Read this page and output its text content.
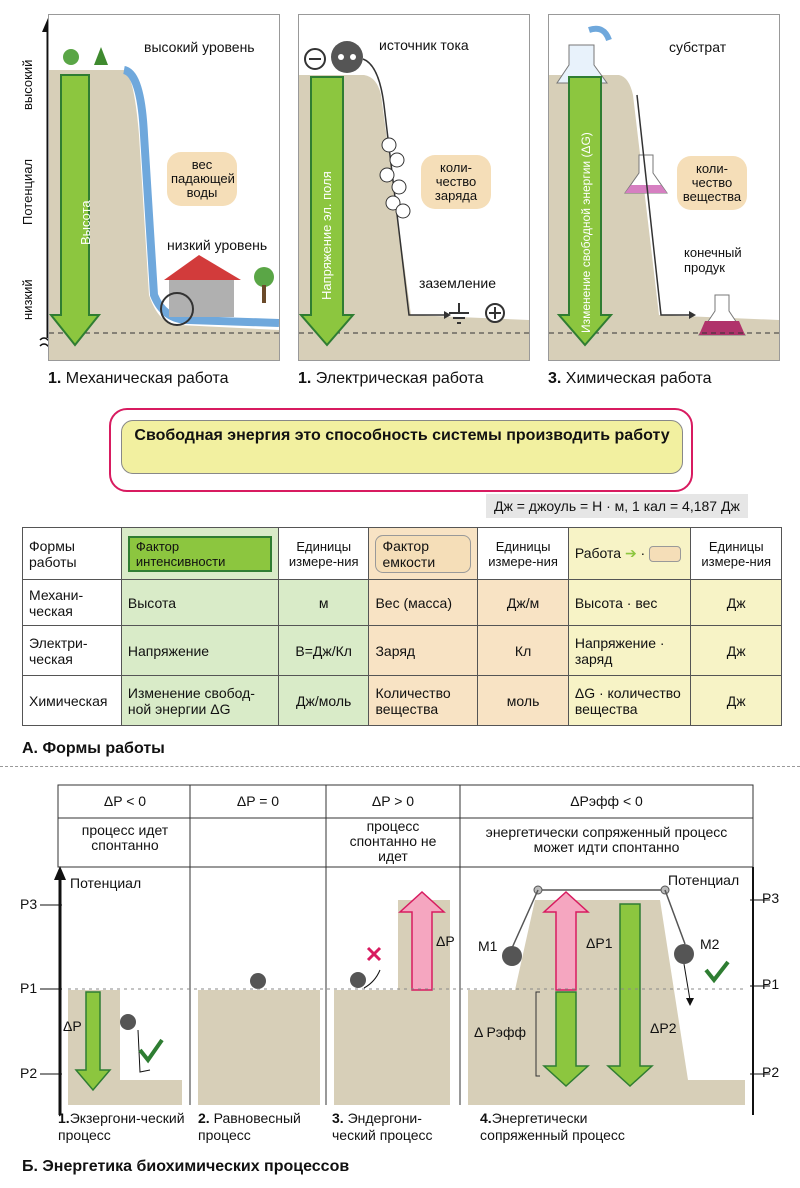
высокий
Потенциал
низкий
высокий уровень
Высота
вес падающей воды
низкий уровень
1. Механическая работа
источник тока
Напряжение эл. поля
коли-чество заряда
заземление
1. Электрическая работа
субстрат
Изменение свободной энергии (ΔG)	коли-чество вещества
конечный продук
3. Химическая работа
Свободная энергия это способность системы производить работу
Дж = джоуль = Н · м, 1 кал = 4,187 Дж
Формы работы	Фактор интенсивности	Единицы измере-ния	Фактор емкости	Единицы измере-ния	Работа ➔ ·	Единицы измере-ния
Механи-ческая	Высота	м	Вес (масса)	Дж/м	Высота · вес	Дж
Электри-ческая	Напряжение	В=Дж/Кл	Заряд	Кл	Напряжение · заряд	Дж
Химическая	Изменение свобод-ной энергии ΔG	Дж/моль	Количество вещества	моль	ΔG · количество вещества	Дж
А. Формы работы
ΔP < 0	ΔP = 0	ΔP > 0	ΔPэфф < 0
процесс идет спонтанно
процесс спонтанно не идет
энергетически сопряженный процесс может идти спонтанно
Потенциал	Потенциал
P3
P1
P2
P3
P1
P2
ΔP
ΔP	ΔP1
ΔP2
Δ Pэфф
M1	M2
1.Экзергони-ческий процесс
2. Равновесный процесс
3. Эндергони-ческий процесс
4.Энергетически сопряженный процесс
Б. Энергетика биохимических процессов
